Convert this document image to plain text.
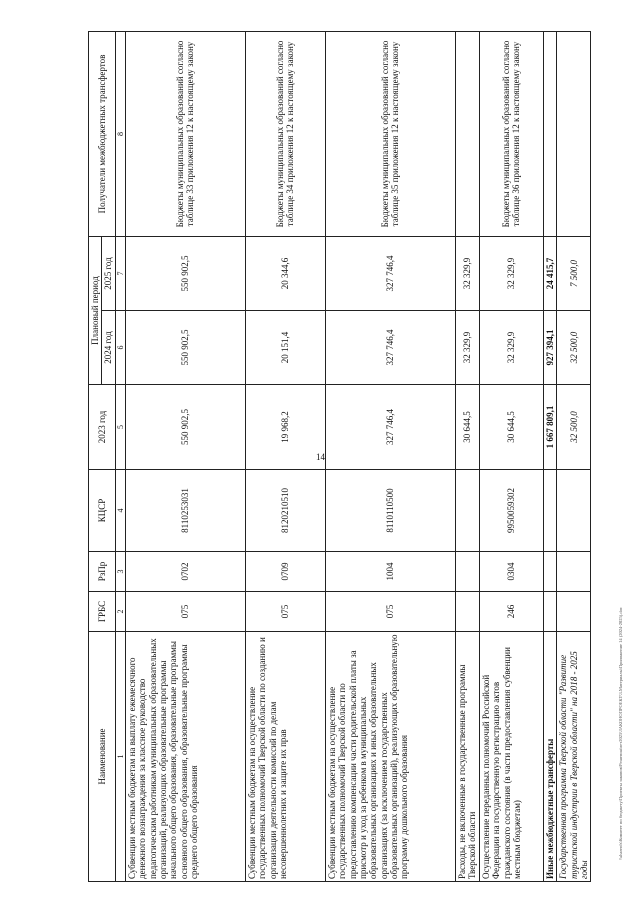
14
Наименование	ГРБС	РзПр	КЦСР	2023 год	Плановый период		Получатели межбюджетных трансфертов
					2024 год	2025 год	
1	2	3	4	5	6	7	8
Субвенции местным бюджетам на выплату ежемесячного денежного вознаграждения за классное руководство педагогическим работникам муниципальных образовательных организаций, реализующих образовательные программы начального общего образования, образовательные программы основного общего образования, образовательные программы среднего общего образования	075	0702	8110253031	550 902,5	550 902,5	550 902,5	Бюджеты муниципальных образований согласно таблице 33 приложения 12 к настоящему закону
Субвенции местным бюджетам на осуществление государственных полномочий Тверской области по созданию и организации деятельности комиссий по делам несовершеннолетних и защите их прав	075	0709	8120210510	19 968,2	20 151,4	20 344,6	Бюджеты муниципальных образований согласно таблице 34 приложения 12 к настоящему закону
Субвенции местным бюджетам на осуществление государственных полномочий Тверской области по предоставлению компенсации части родительской платы за присмотр и уход за ребенком в муниципальных образовательных организациях и иных образовательных организациях (за исключением государственных образовательных организаций), реализующих образовательную программу дошкольного образования	075	1004	8110110500	327 746,4	327 746,4	327 746,4	Бюджеты муниципальных образований согласно таблице 35 приложения 12 к настоящему закону
Расходы, не включенные в государственные программы Тверской области				30 644,5	32 329,9	32 329,9	
Осуществление переданных полномочий Российской Федерации на государственную регистрацию актов гражданского состояния (в части предоставления субвенции местным бюджетам)	246	0304	9950059302	30 644,5	32 329,9	32 329,9	Бюджеты муниципальных образований согласно таблице 36 приложения 12 к настоящему закону
Иные межбюджетные трансферты				1 667 809,1	927 394,1	24 415,7	
Государственная программа Тверской области "Развитие туристской индустрии в Тверской области" на 2018 - 2025 годы				32 500,0	32 500,0	7 500,0	
\\sharenfs\Комитет по бюджету\Проекты законов\Решения\лет2025\ЗАКОНОПРОЕКТ\3.Материалы\Приложение 14 (2024-2025).doc
